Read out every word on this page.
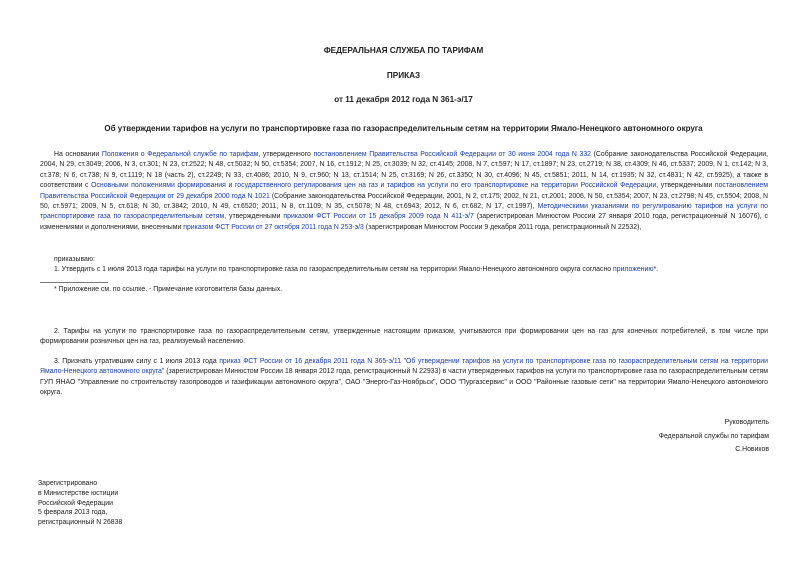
ФЕДЕРАЛЬНАЯ СЛУЖБА ПО ТАРИФАМ
ПРИКАЗ
от 11 декабря 2012 года N 361-э/17
Об утверждении тарифов на услуги по транспортировке газа по газораспределительным сетям на территории Ямало-Ненецкого автономного округа
На основании Положения о Федеральной службе по тарифам, утвержденного постановлением Правительства Российской Федерации от 30 июня 2004 года N 332 (Собрание законодательства Российской Федерации, 2004, N 29, ст.3049; 2006, N 3, ст.301; N 23, ст.2522; N 48, ст.5032; N 50, ст.5354; 2007, N 16, ст.1912; N 25, ст.3039; N 32, ст.4145; 2008, N 7, ст.597; N 17, ст.1897; N 23, ст.2719; N 38, ст.4309; N 46, ст.5337; 2009, N 1, ст.142; N 3, ст.378; N 6, ст.738; N 9, ст.1119; N 18 (часть 2), ст.2249; N 33, ст.4086; 2010, N 9, ст.960; N 13, ст.1514; N 25, ст.3169; N 26, ст.3350; N 30, ст.4096; N 45, ст.5851; 2011, N 14, ст.1935; N 32, ст.4831; N 42, ст.5925), а также в соответствии с Основными положениями формирования и государственного регулирования цен на газ и тарифов на услуги по его транспортировке на территории Российской Федерации, утвержденными постановлением Правительства Российской Федерации от 29 декабря 2000 года N 1021 (Собрание законодательства Российской Федерации, 2001, N 2, ст.175; 2002, N 21, ст.2001; 2006, N 50, ст.5354; 2007, N 23, ст.2798; N 45, ст.5504; 2008, N 50, ст.5971; 2009, N 5, ст.618; N 30, ст.3842; 2010, N 49, ст.6520; 2011, N 8, ст.1109; N 35, ст.5078; N 48, ст.6943; 2012, N 6, ст.682; N 17, ст.1997), Методическими указаниями по регулированию тарифов на услуги по транспортировке газа по газораспределительным сетям, утвержденными приказом ФСТ России от 15 декабря 2009 года N 411-э/7 (зарегистрирован Минюстом России 27 января 2010 года, регистрационный N 16076), с изменениями и дополнениями, внесенными приказом ФСТ России от 27 октября 2011 года N 253-э/3 (зарегистрирован Минюстом России 9 декабря 2011 года, регистрационный N 22532),
приказываю:
1. Утвердить с 1 июля 2013 года тарифы на услуги по транспортировке газа по газораспределительным сетям на территории Ямало-Ненецкого автономного округа согласно приложению*.
* Приложение см. по ссылке. - Примечание изготовителя базы данных.
2. Тарифы на услуги по транспортировке газа по газораспределительным сетям, утвержденные настоящим приказом, учитываются при формировании цен на газ для конечных потребителей, в том числе при формировании розничных цен на газ, реализуемый населению.
3. Признать утратившим силу с 1 июля 2013 года приказ ФСТ России от 16 декабря 2011 года N 365-э/11 "Об утверждении тарифов на услуги по транспортировке газа по газораспределительным сетям на территории Ямало-Ненецкого автономного округа" (зарегистрирован Минюстом России 18 января 2012 года, регистрационный N 22933) в части утвержденных тарифов на услуги по транспортировке газа по газораспределительным сетям ГУП ЯНАО "Управление по строительству газопроводов и газификации автономного округа", ОАО "Энерго-Газ-Ноябрьск", ООО "Пургазсервис" и ООО "Районные газовые сети" на территории Ямало-Ненецкого автономного округа.
Руководитель
Федеральной службы по тарифам
С.Новиков
Зарегистрировано
в Министерстве юстиции
Российской Федерации
5 февраля 2013 года,
регистрационный N 26838
